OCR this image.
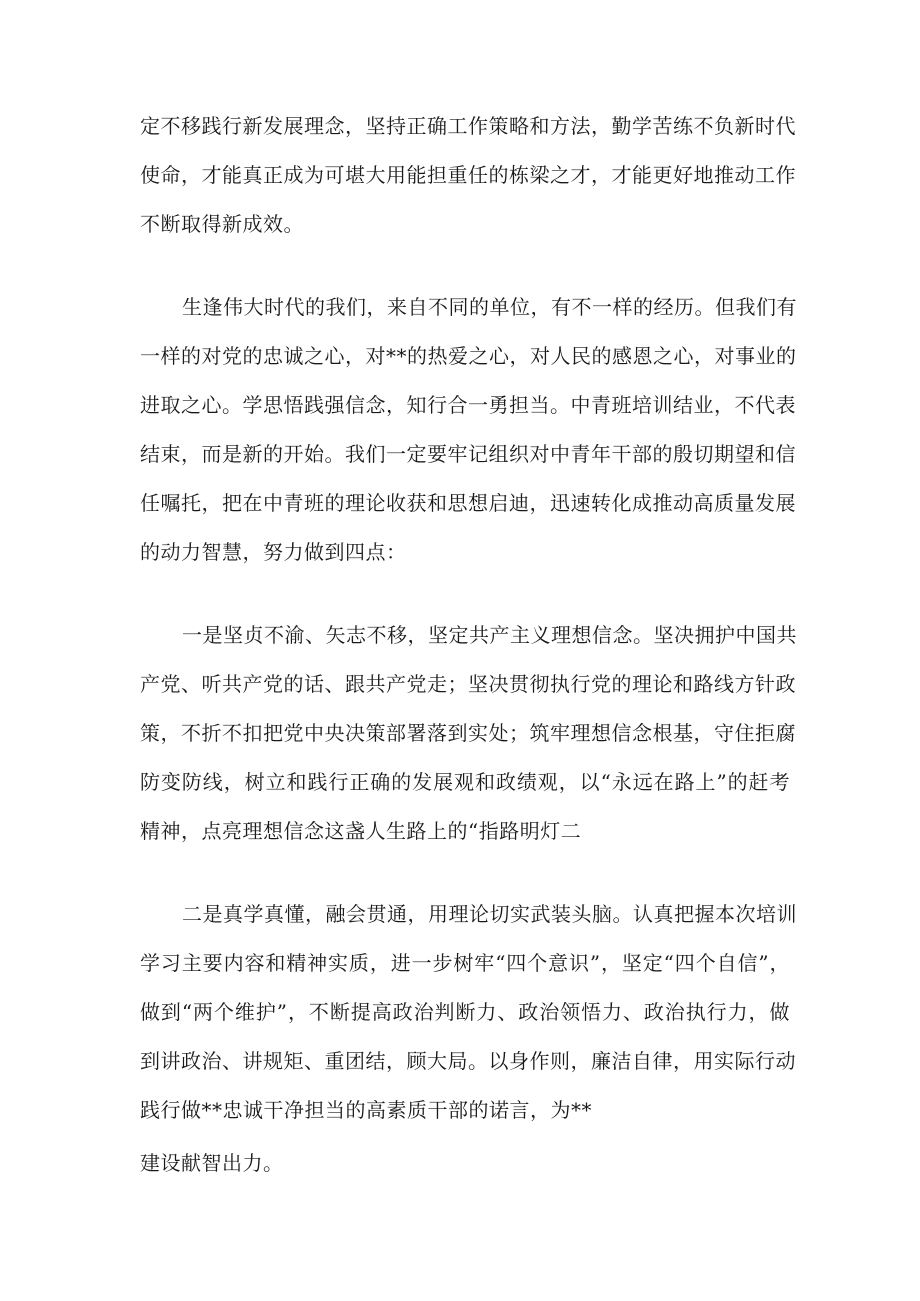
定不移践行新发展理念，坚持正确工作策略和方法，勤学苦练不负新时代

使命，才能真正成为可堪大用能担重任的栋梁之才，才能更好地推动工作

不断取得新成效。

生逢伟大时代的我们，来自不同的单位，有不一样的经历。但我们有

一样的对党的忠诚之心，对**的热爱之心，对人民的感恩之心，对事业的

进取之心。学思悟践强信念，知行合一勇担当。中青班培训结业，不代表

结束，而是新的开始。我们一定要牢记组织对中青年干部的殷切期望和信

任嘱托，把在中青班的理论收获和思想启迪，迅速转化成推动高质量发展

的动力智慧，努力做到四点：

一是坚贞不渝、矢志不移，坚定共产主义理想信念。坚决拥护中国共

产党、听共产党的话、跟共产党走；坚决贯彻执行党的理论和路线方针政

策，不折不扣把党中央决策部署落到实处；筑牢理想信念根基，守住拒腐

防变防线，树立和践行正确的发展观和政绩观，以“永远在路上”的赶考

精神，点亮理想信念这盏人生路上的“指路明灯二

二是真学真懂，融会贯通，用理论切实武装头脑。认真把握本次培训

学习主要内容和精神实质，进一步树牢“四个意识”，坚定“四个自信”，

做到“两个维护”，不断提高政治判断力、政治领悟力、政治执行力，做

到讲政治、讲规矩、重团结，顾大局。以身作则，廉洁自律，用实际行动

践行做**忠诚干净担当的高素质干部的诺言，为**

建设献智出力。
